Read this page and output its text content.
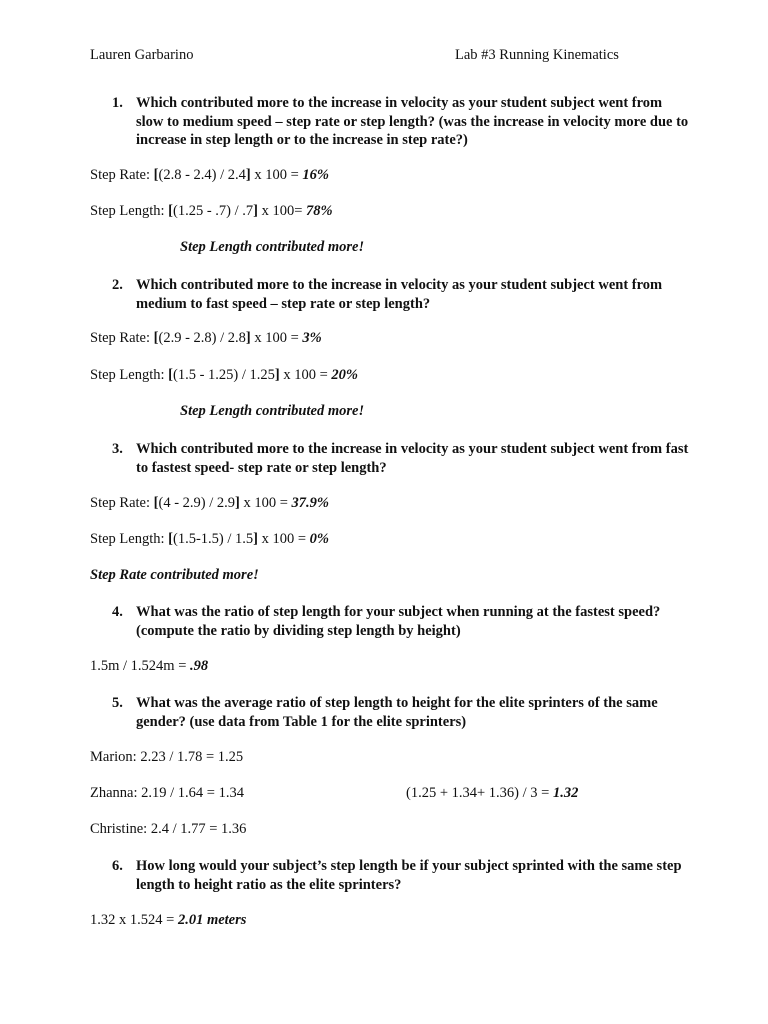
Lauren Garbarino	Lab #3 Running Kinematics
1. Which contributed more to the increase in velocity as your student subject went from slow to medium speed – step rate or step length? (was the increase in velocity more due to increase in step length or to the increase in step rate?)
Step Rate: [(2.8 - 2.4) / 2.4] x 100 = 16%
Step Length: [(1.25 - .7) / .7] x 100= 78%
Step Length contributed more!
2. Which contributed more to the increase in velocity as your student subject went from medium to fast speed – step rate or step length?
Step Rate: [(2.9 - 2.8) / 2.8] x 100 = 3%
Step Length: [(1.5 - 1.25) / 1.25] x 100 = 20%
Step Length contributed more!
3. Which contributed more to the increase in velocity as your student subject went from fast to fastest speed- step rate or step length?
Step Rate: [(4 - 2.9) / 2.9] x 100 = 37.9%
Step Length: [(1.5-1.5) / 1.5] x 100 = 0%
Step Rate contributed more!
4. What was the ratio of step length for your subject when running at the fastest speed? (compute the ratio by dividing step length by height)
1.5m / 1.524m = .98
5. What was the average ratio of step length to height for the elite sprinters of the same gender? (use data from Table 1 for the elite sprinters)
Marion: 2.23 / 1.78 = 1.25
Zhanna: 2.19 / 1.64 = 1.34	(1.25 + 1.34+ 1.36) / 3 = 1.32
Christine: 2.4 / 1.77 = 1.36
6. How long would your subject’s step length be if your subject sprinted with the same step length to height ratio as the elite sprinters?
1.32 x 1.524 = 2.01 meters
